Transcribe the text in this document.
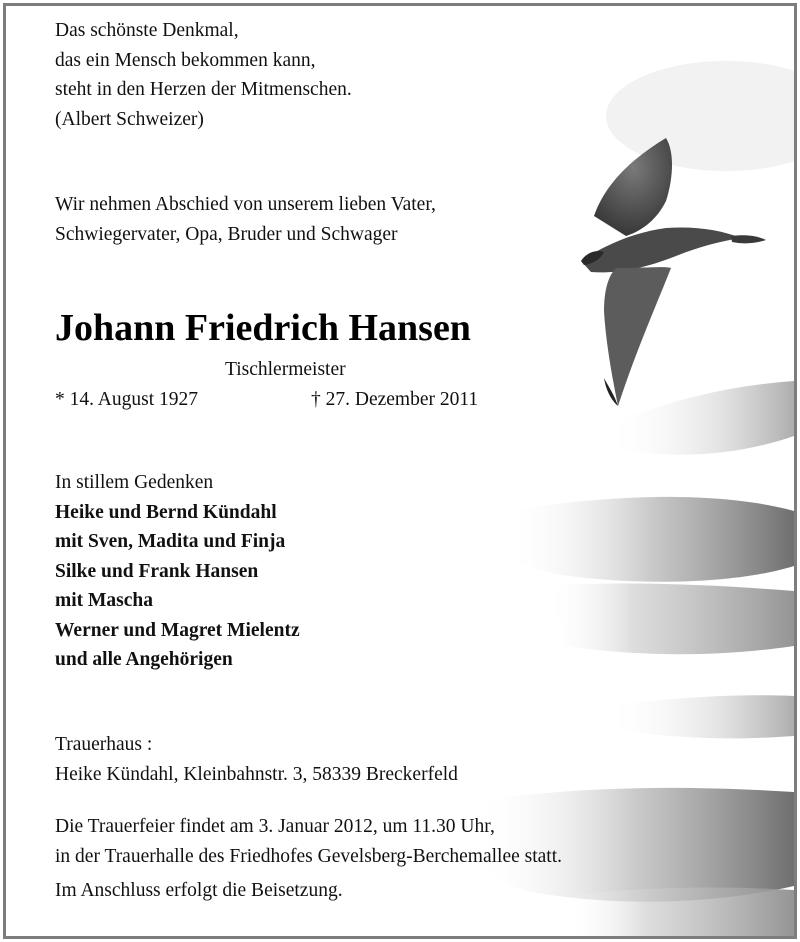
Das schönste Denkmal,
das ein Mensch bekommen kann,
steht in den Herzen der Mitmenschen.
(Albert Schweizer)
Wir nehmen Abschied von unserem lieben Vater,
Schwiegervater, Opa, Bruder und Schwager
Johann Friedrich Hansen
Tischlermeister
* 14. August 1927	† 27. Dezember 2011
In stillem Gedenken
Heike und Bernd Kündahl
mit Sven, Madita und Finja
Silke und Frank Hansen
mit Mascha
Werner und Magret Mielentz
und alle Angehörigen
Trauerhaus :
Heike Kündahl, Kleinbahnstr. 3, 58339 Breckerfeld
Die Trauerfeier findet am 3. Januar 2012, um 11.30 Uhr,
in der Trauerhalle des Friedhofes Gevelsberg-Berchemallee statt.
Im Anschluss erfolgt die Beisetzung.
